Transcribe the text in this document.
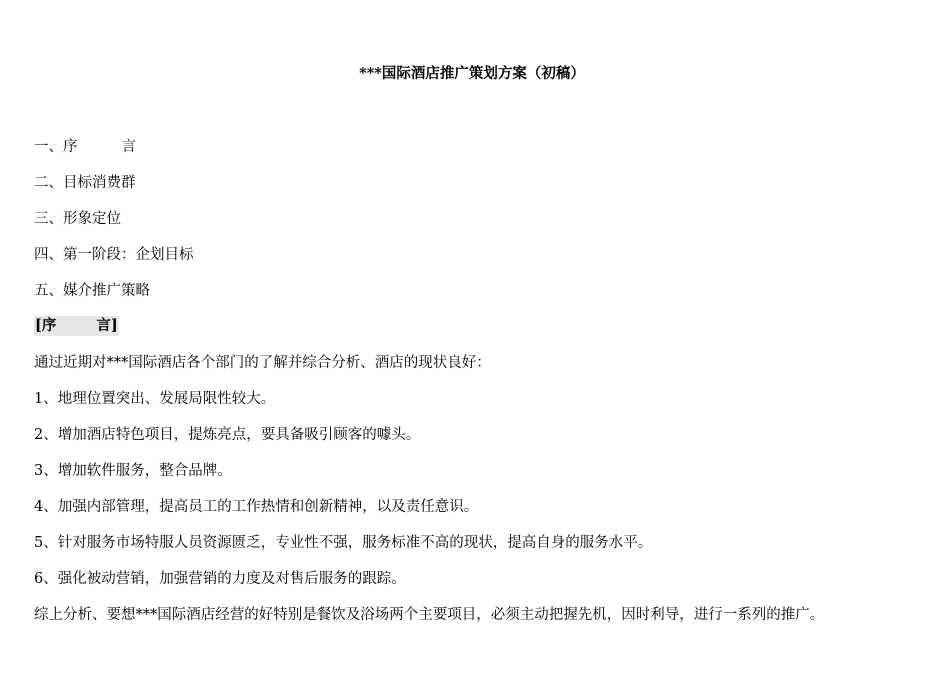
***国际酒店推广策划方案（初稿）
一、序	言
二、目标消费群
三、形象定位
四、第一阶段：企划目标
五、媒介推广策略
[序	言]
通过近期对***国际酒店各个部门的了解并综合分析、酒店的现状良好：
1、地理位置突出、发展局限性较大。
2、增加酒店特色项目，提炼亮点，要具备吸引顾客的噱头。
3、增加软件服务，整合品牌。
4、加强内部管理，提高员工的工作热情和创新精神，以及责任意识。
5、针对服务市场特服人员资源匮乏，专业性不强，服务标准不高的现状，提高自身的服务水平。
6、强化被动营销，加强营销的力度及对售后服务的跟踪。
综上分析、要想***国际酒店经营的好特别是餐饮及浴场两个主要项目，必须主动把握先机，因时利导，进行一系列的推广。
